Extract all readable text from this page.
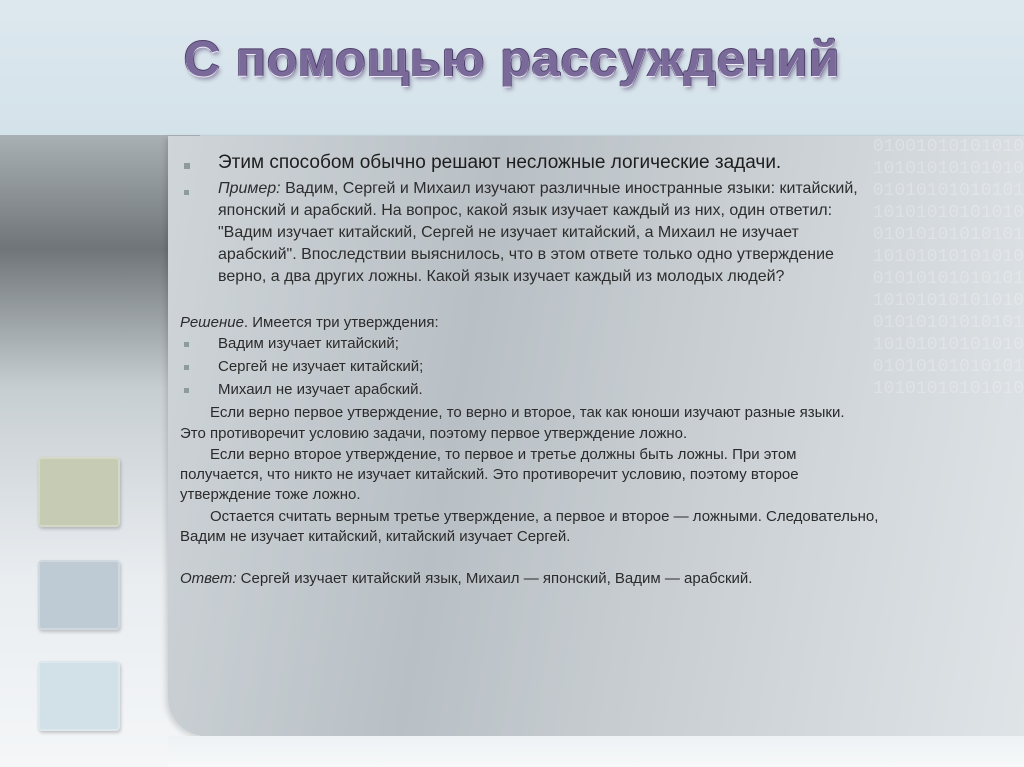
С помощью рассуждений
01001010101010
10101010101010
01010101010101
10101010101010
01010101010101
10101010101010
01010101010101
10101010101010
01010101010101
10101010101010
01010101010101
10101010101010
Этим способом обычно решают несложные логические задачи.
Пример: Вадим, Сергей и Михаил изучают различные иностранные языки: китайский,
японский и арабский. На вопрос, какой язык изучает каждый из них, один ответил:
"Вадим изучает китайский, Сергей не изучает китайский, а Михаил не изучает
арабский". Впоследствии выяснилось, что в этом ответе только одно утверждение
верно, а два других ложны. Какой язык изучает каждый из молодых людей?
Решение. Имеется три утверждения:
Вадим изучает китайский;
Сергей не изучает китайский;
Михаил не изучает арабский.
Если верно первое утверждение, то верно и второе, так как юноши изучают разные языки.
Это противоречит условию задачи, поэтому первое утверждение ложно.
Если верно второе утверждение, то первое и третье должны быть ложны. При этом
получается, что никто не изучает китайский. Это противоречит условию, поэтому второе
утверждение тоже ложно.
Остается считать верным третье утверждение, а первое и второе — ложными. Следовательно,
Вадим не изучает китайский, китайский изучает Сергей.
Ответ: Сергей изучает китайский язык, Михаил — японский, Вадим — арабский.
